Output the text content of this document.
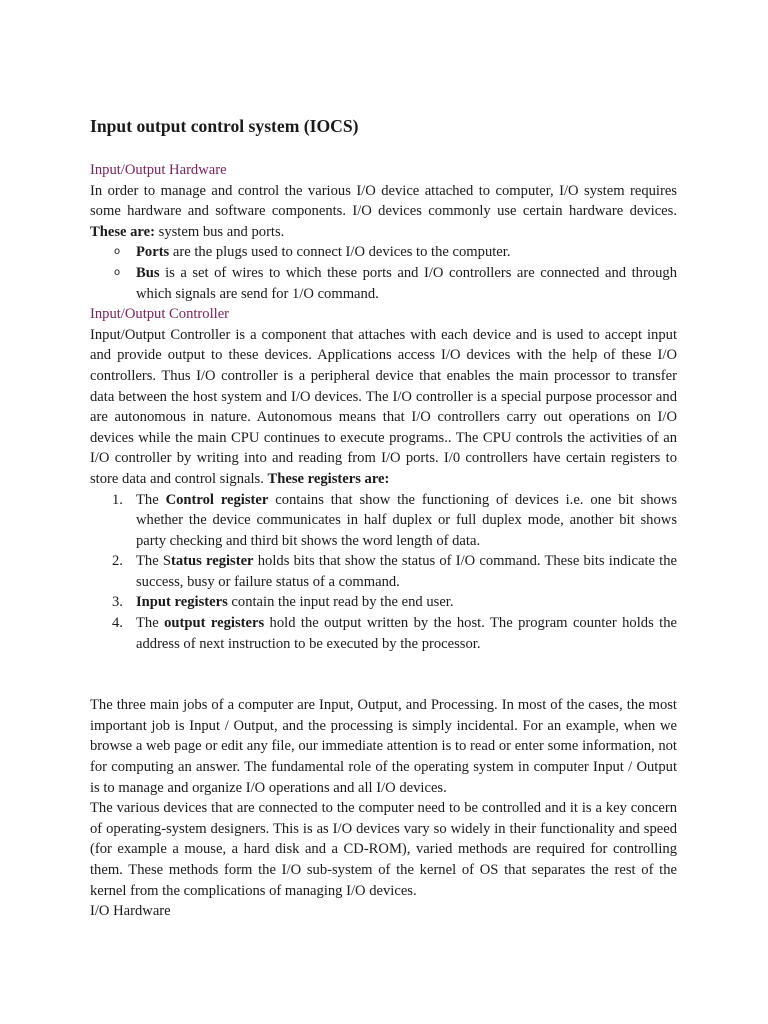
Input output control system (IOCS)
Input/Output Hardware

In order to manage and control the various I/O device attached to computer, I/O system requires some hardware and software components. I/O devices commonly use certain hardware devices. These are: system bus and ports.

o Ports are the plugs used to connect I/O devices to the computer.
o Bus is a set of wires to which these ports and I/O controllers are connected and through which signals are send for 1/O command.
Input/Output Controller

Input/Output Controller is a component that attaches with each device and is used to accept input and provide output to these devices. Applications access I/O devices with the help of these I/O controllers. Thus I/O controller is a peripheral device that enables the main processor to transfer data between the host system and I/O devices. The I/O controller is a special purpose processor and are autonomous in nature. Autonomous means that I/O controllers carry out operations on I/O devices while the main CPU continues to execute programs.. The CPU controls the activities of an I/O controller by writing into and reading from I/O ports. I/0 controllers have certain registers to store data and control signals. These registers are:

1. The Control register contains that show the functioning of devices i.e. one bit shows whether the device communicates in half duplex or full duplex mode, another bit shows party checking and third bit shows the word length of data.
2. The Status register holds bits that show the status of I/O command. These bits indicate the success, busy or failure status of a command.
3. Input registers contain the input read by the end user.
4. The output registers hold the output written by the host. The program counter holds the address of next instruction to be executed by the processor.

The three main jobs of a computer are Input, Output, and Processing. In most of the cases, the most important job is Input / Output, and the processing is simply incidental. For an example, when we browse a web page or edit any file, our immediate attention is to read or enter some information, not for computing an answer. The fundamental role of the operating system in computer Input / Output is to manage and organize I/O operations and all I/O devices.

The various devices that are connected to the computer need to be controlled and it is a key concern of operating-system designers. This is as I/O devices vary so widely in their functionality and speed (for example a mouse, a hard disk and a CD-ROM), varied methods are required for controlling them. These methods form the I/O sub-system of the kernel of OS that separates the rest of the kernel from the complications of managing I/O devices.

I/O Hardware
